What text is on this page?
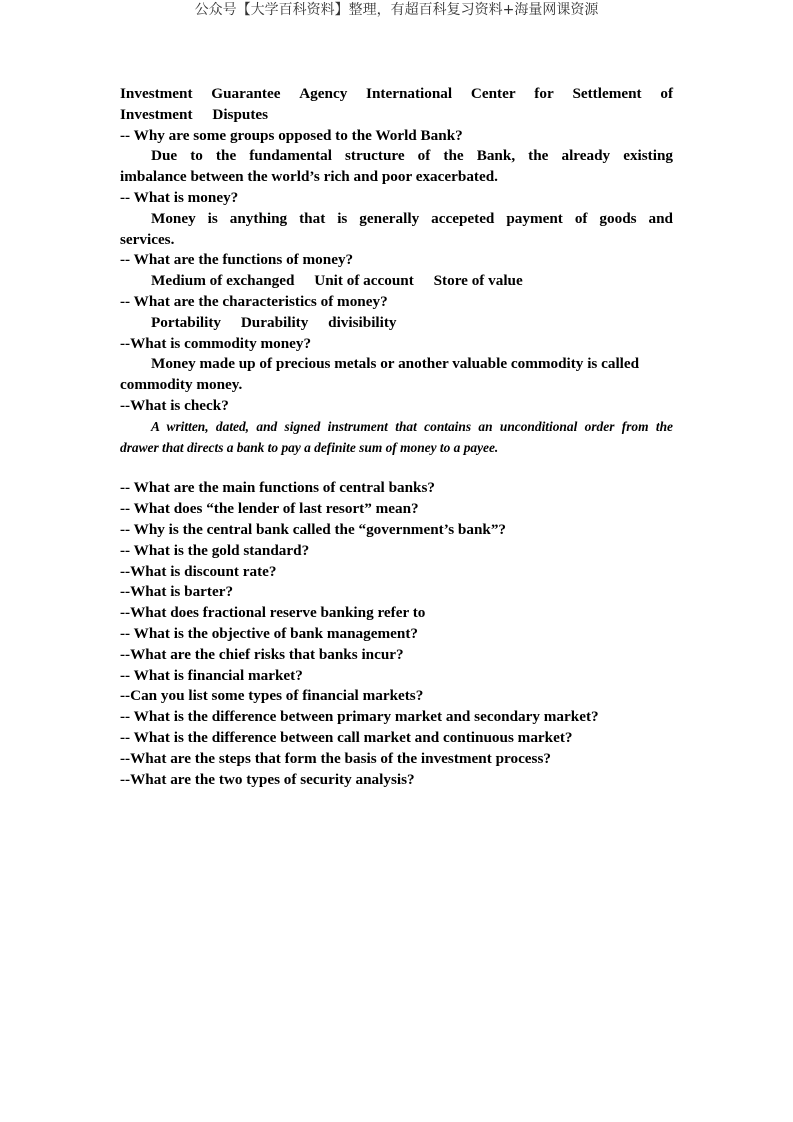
公众号【大学百科资料】整理，有超百科复习资料+海量网课资源
Investment Guarantee Agency International Center for Settlement of
Investment Disputes
-- Why are some groups opposed to the World Bank?
Due to the fundamental structure of the Bank, the already existing
imbalance between the world’s rich and poor exacerbated.
-- What is money?
Money is anything that is generally accepeted payment of goods and
services.
-- What are the functions of money?
Medium of exchanged Unit of account Store of value
-- What are the characteristics of money?
Portability Durability divisibility
--What is commodity money?
Money made up of precious metals or another valuable commodity is called
commodity money.
--What is check?
A written, dated, and signed instrument that contains an unconditional order from the
drawer that directs a bank to pay a definite sum of money to a payee.
-- What are the main functions of central banks?
-- What does “the lender of last resort” mean?
-- Why is the central bank called the “government’s bank”?
-- What is the gold standard?
--What is discount rate?
--What is barter?
--What does fractional reserve banking refer to
-- What is the objective of bank management?
--What are the chief risks that banks incur?
-- What is financial market?
--Can you list some types of financial markets?
-- What is the difference between primary market and secondary market?
-- What is the difference between call market and continuous market?
--What are the steps that form the basis of the investment process?
--What are the two types of security analysis?
